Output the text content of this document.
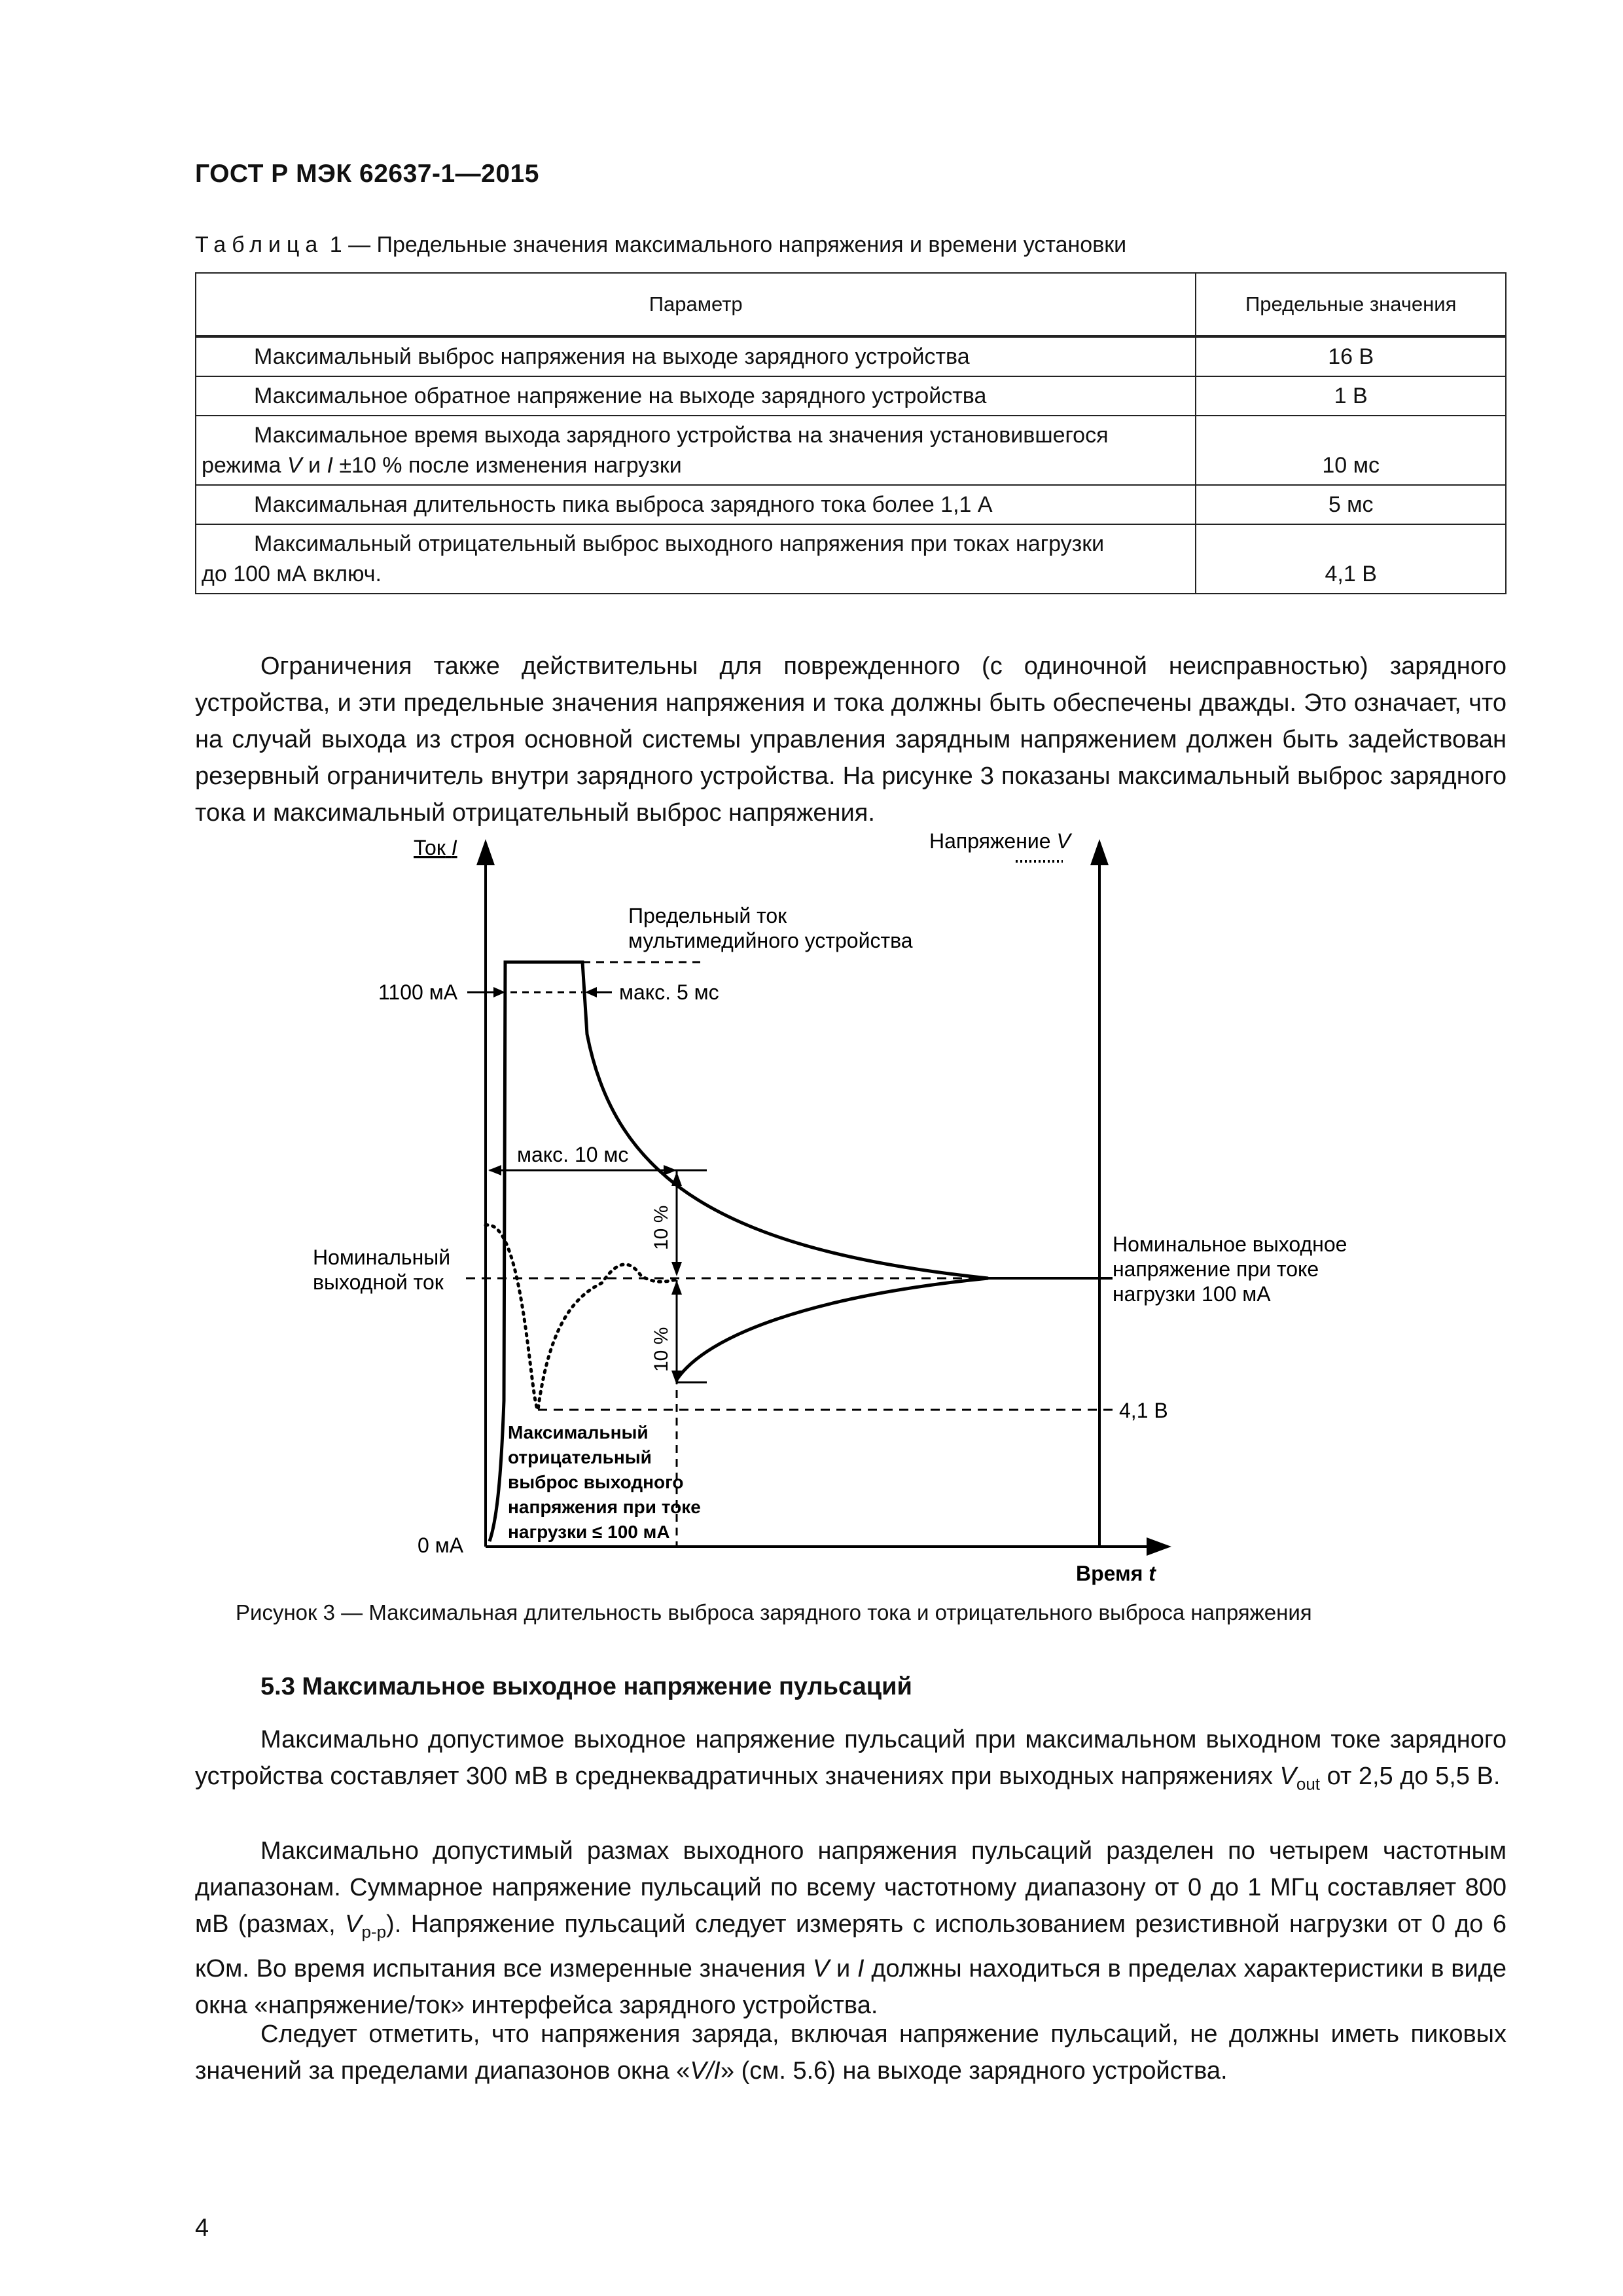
ГОСТ Р МЭК 62637-1—2015
Таблица 1 — Предельные значения максимального напряжения и времени установки
Параметр	Предельные значения
Максимальный выброс напряжения на выходе зарядного устройства	16 В
Максимальное обратное напряжение на выходе зарядного устройства	1 В
Максимальное время выхода зарядного устройства на значения установившегося
режима V и I ±10 % после изменения нагрузки	10 мс
Максимальная длительность пика выброса зарядного тока более 1,1 А	5 мс
Максимальный отрицательный выброс выходного напряжения при токах нагрузки
до 100 мА включ.	4,1 В

Ограничения также действительны для поврежденного (с одиночной неисправностью) зарядного устройства, и эти предельные значения напряжения и тока должны быть обеспечены дважды. Это означает, что на случай выхода из строя основной системы управления зарядным напряжением должен быть задействован резервный ограничитель внутри зарядного устройства. На рисунке 3 показаны максимальный выброс зарядного тока и максимальный отрицательный выброс напряжения.

Ток I	Напряжение V
Время t
1100 мА
0 мА
Номинальный
выходной ток
Предельный ток
мультимедийного устройства
макс. 5 мс
макс. 10 мс
10 %
10 %
Номинальное выходное
напряжение при токе
нагрузки 100 мА
4,1 В
Максимальный
отрицательный
выброс выходного
напряжения при токе
нагрузки ≤ 100 мА
Рисунок 3 — Максимальная длительность выброса зарядного тока и отрицательного выброса напряжения
5.3 Максимальное выходное напряжение пульсаций

Максимально допустимое выходное напряжение пульсаций при максимальном выходном токе зарядного устройства составляет 300 мВ в среднеквадратичных значениях при выходных напряжениях $V_{out}$ от 2,5 до 5,5 В.

Максимально допустимый размах выходного напряжения пульсаций разделен по четырем частотным диапазонам. Суммарное напряжение пульсаций по всему частотному диапазону от 0 до 1 МГц составляет 800 мВ (размах, $V_{p-p}$). Напряжение пульсаций следует измерять с использованием резистивной нагрузки от 0 до 6 кОм. Во время испытания все измеренные значения V и I должны находиться в пределах характеристики в виде окна «напряжение/ток» интерфейса зарядного устройства.

Следует отметить, что напряжения заряда, включая напряжение пульсаций, не должны иметь пиковых значений за пределами диапазонов окна «V/I» (см. 5.6) на выходе зарядного устройства.

4
